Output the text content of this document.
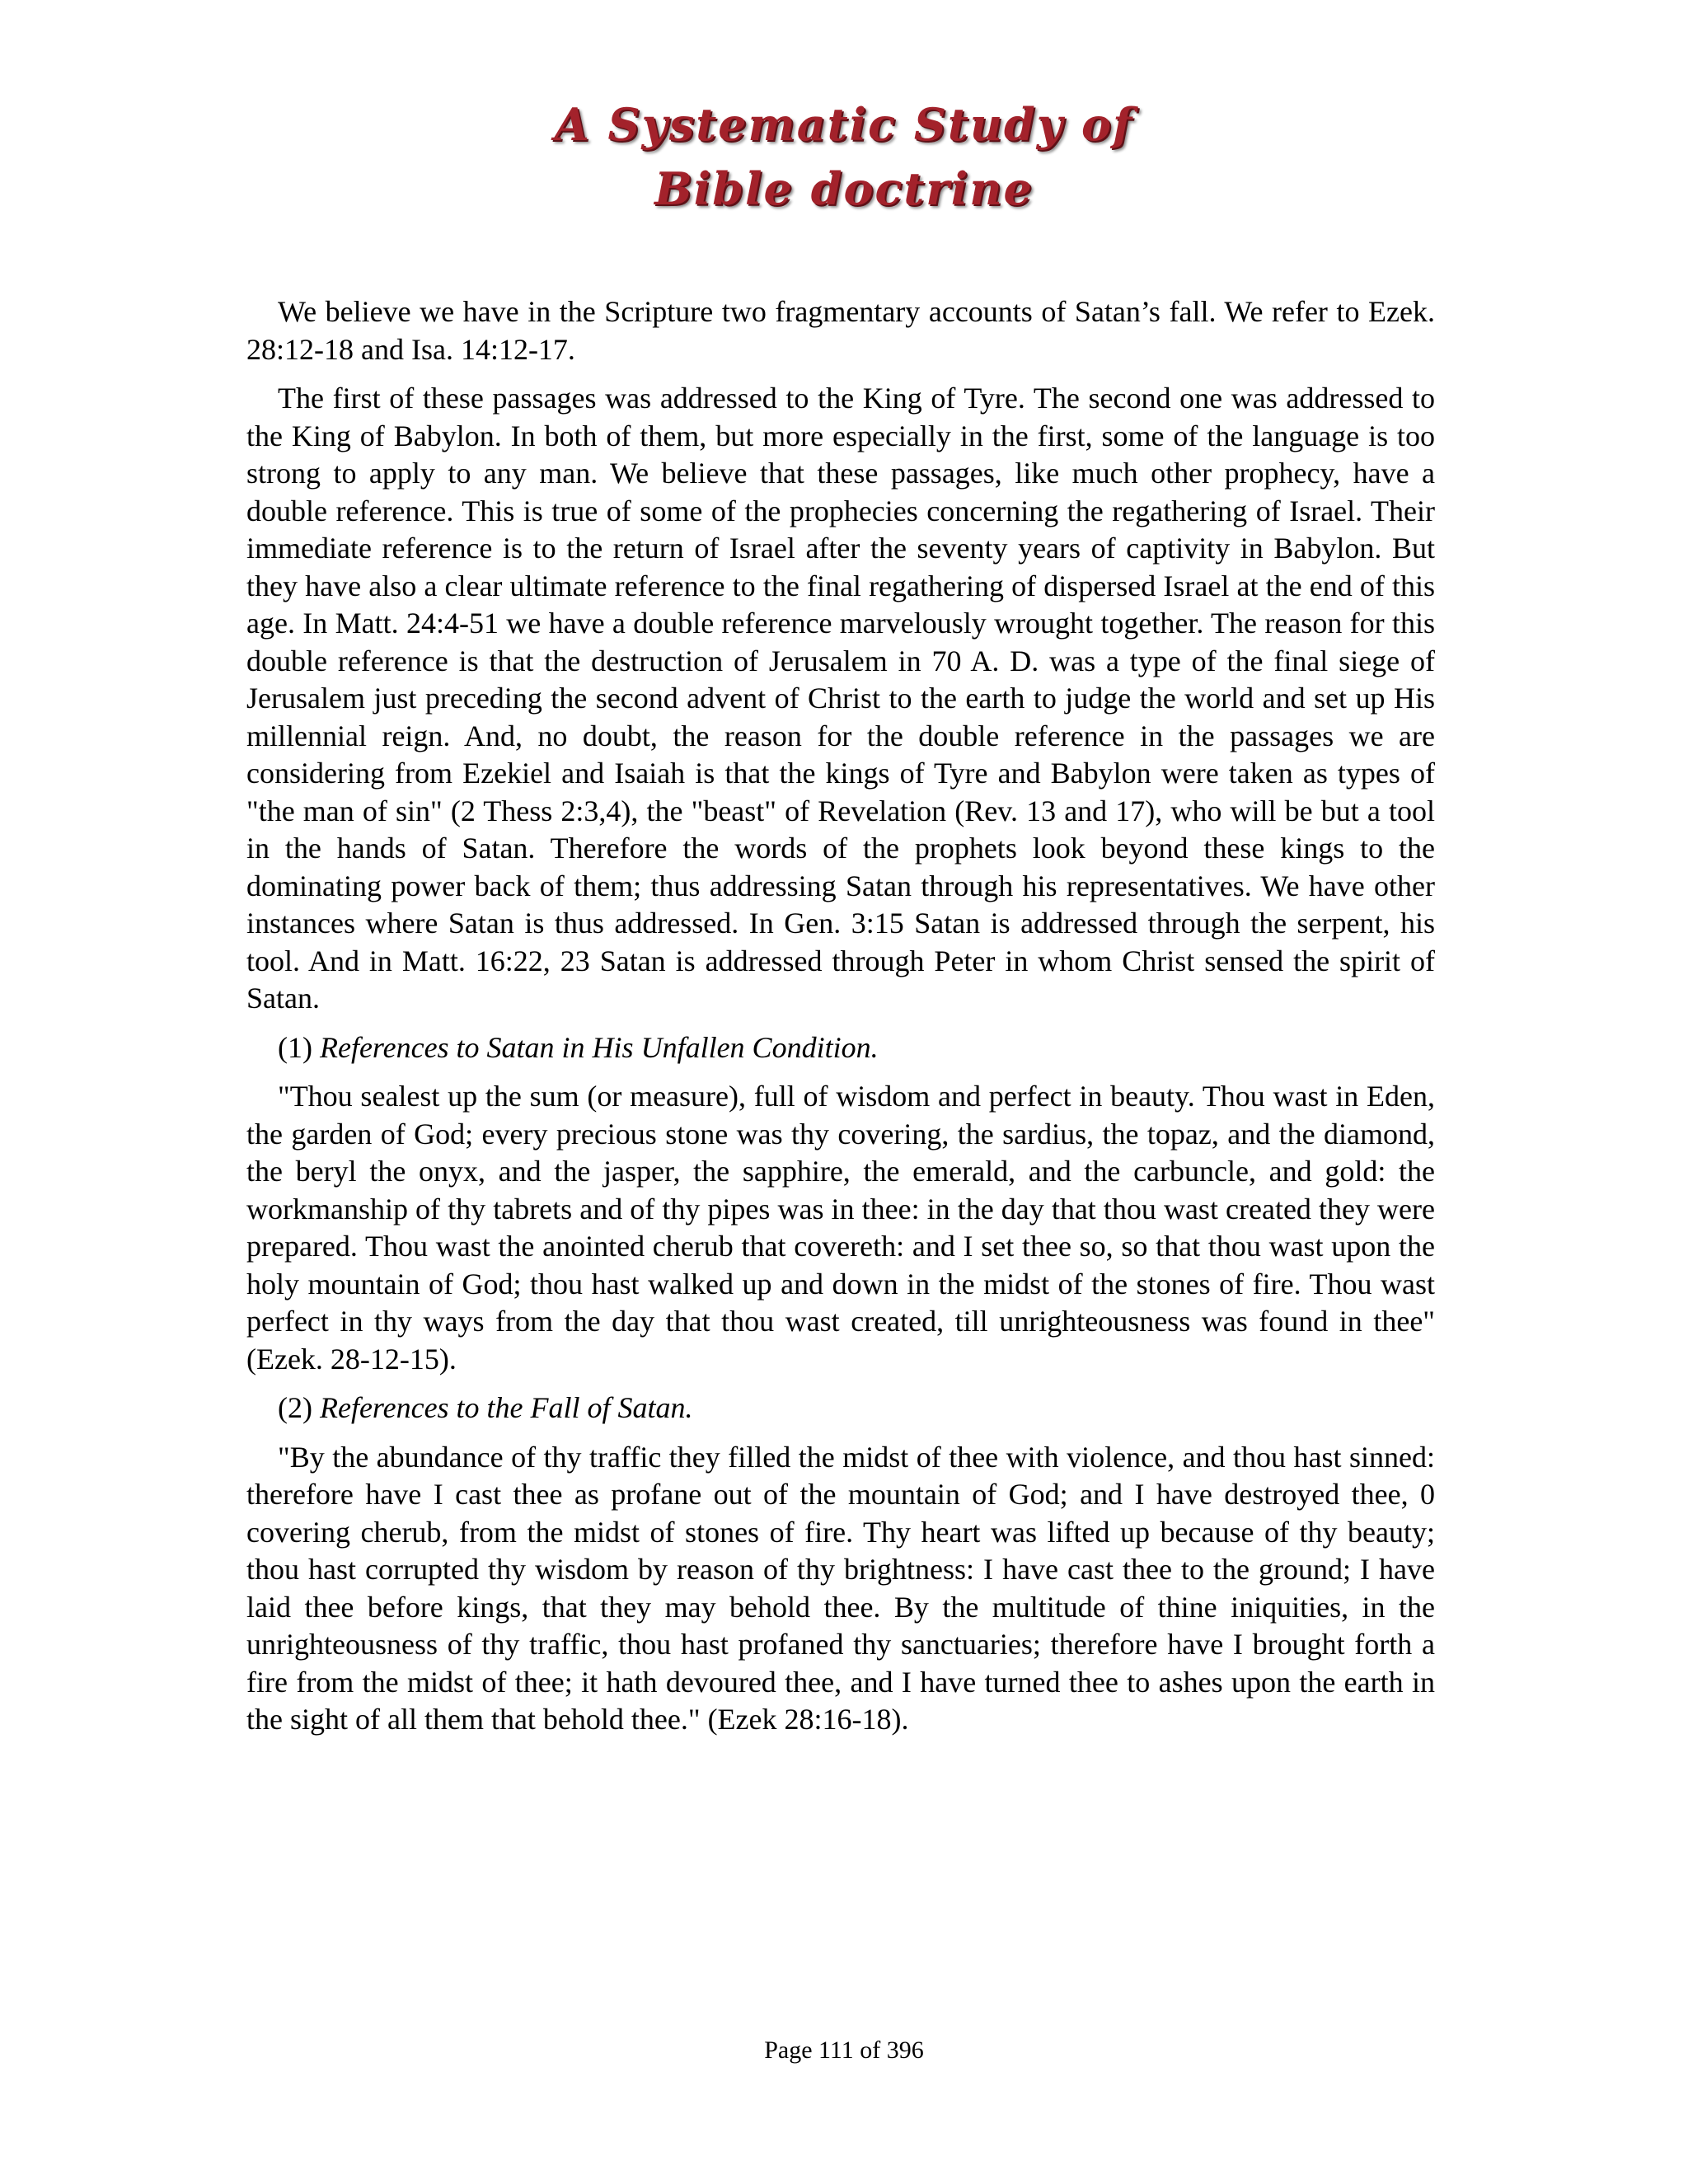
A Systematic Study of
Bible doctrine

We believe we have in the Scripture two fragmentary accounts of Satan’s fall. We refer to Ezek. 28:12-18 and Isa. 14:12-17.

The first of these passages was addressed to the King of Tyre. The second one was addressed to the King of Babylon. In both of them, but more especially in the first, some of the language is too strong to apply to any man. We believe that these passages, like much other prophecy, have a double reference. This is true of some of the prophecies concerning the regathering of Israel. Their immediate reference is to the return of Israel after the seventy years of captivity in Babylon. But they have also a clear ultimate reference to the final regathering of dispersed Israel at the end of this age. In Matt. 24:4-51 we have a double reference marvelously wrought together. The reason for this double reference is that the destruction of Jerusalem in 70 A. D. was a type of the final siege of Jerusalem just preceding the second advent of Christ to the earth to judge the world and set up His millennial reign. And, no doubt, the reason for the double reference in the passages we are considering from Ezekiel and Isaiah is that the kings of Tyre and Babylon were taken as types of "the man of sin" (2 Thess 2:3,4), the "beast" of Revelation (Rev. 13 and 17), who will be but a tool in the hands of Satan. Therefore the words of the prophets look beyond these kings to the dominating power back of them; thus addressing Satan through his representatives. We have other instances where Satan is thus addressed. In Gen. 3:15 Satan is addressed through the serpent, his tool. And in Matt. 16:22, 23 Satan is addressed through Peter in whom Christ sensed the spirit of Satan.

(1) References to Satan in His Unfallen Condition.

"Thou sealest up the sum (or measure), full of wisdom and perfect in beauty. Thou wast in Eden, the garden of God; every precious stone was thy covering, the sardius, the topaz, and the diamond, the beryl the onyx, and the jasper, the sapphire, the emerald, and the carbuncle, and gold: the workmanship of thy tabrets and of thy pipes was in thee: in the day that thou wast created they were prepared. Thou wast the anointed cherub that covereth: and I set thee so, so that thou wast upon the holy mountain of God; thou hast walked up and down in the midst of the stones of fire. Thou wast perfect in thy ways from the day that thou wast created, till unrighteousness was found in thee" (Ezek. 28-12-15).

(2) References to the Fall of Satan.

"By the abundance of thy traffic they filled the midst of thee with violence, and thou hast sinned: therefore have I cast thee as profane out of the mountain of God; and I have destroyed thee, 0 covering cherub, from the midst of stones of fire. Thy heart was lifted up because of thy beauty; thou hast corrupted thy wisdom by reason of thy brightness: I have cast thee to the ground; I have laid thee before kings, that they may behold thee. By the multitude of thine iniquities, in the unrighteousness of thy traffic, thou hast profaned thy sanctuaries; therefore have I brought forth a fire from the midst of thee; it hath devoured thee, and I have turned thee to ashes upon the earth in the sight of all them that behold thee." (Ezek 28:16-18).

Page 111 of 396
